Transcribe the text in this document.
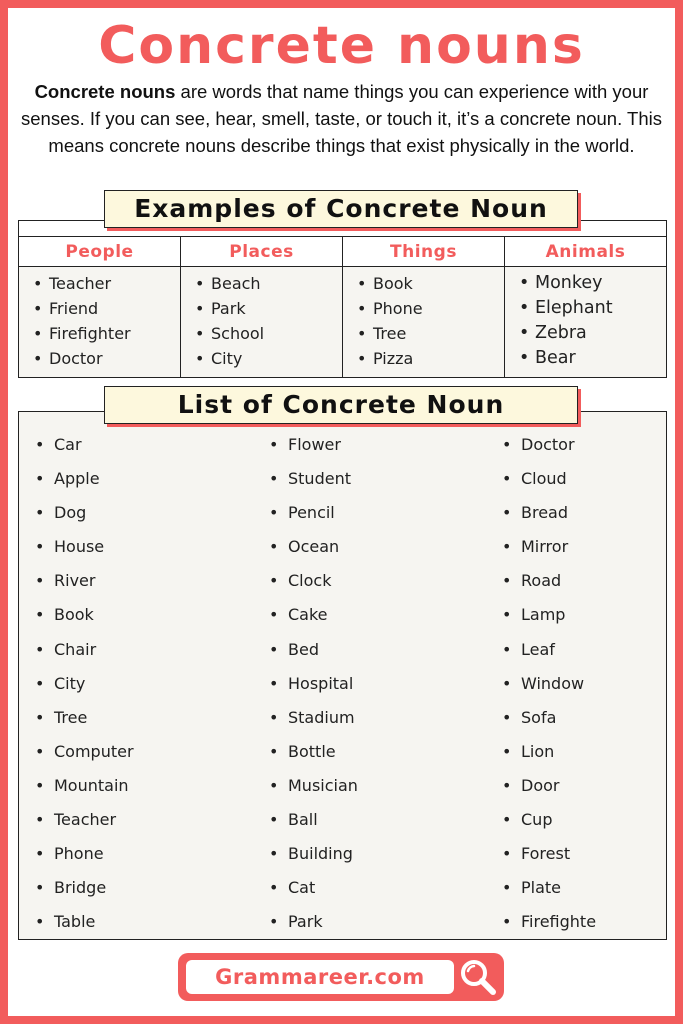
Concrete nouns

Concrete nouns are words that name things you can experience with your senses. If you can see, hear, smell, taste, or touch it, it’s a concrete noun. This means concrete nouns describe things that exist physically in the world.

People
• Teacher
• Friend
• Firefighter
• Doctor
Places
• Beach
• Park
• School
• City
Things
• Book
• Phone
• Tree
• Pizza
Animals
• Monkey
• Elephant
• Zebra
• Bear
Examples of Concrete Noun
• Car
• Apple
• Dog
• House
• River
• Book
• Chair
• City
• Tree
• Computer
• Mountain
• Teacher
• Phone
• Bridge
• Table
• Flower
• Student
• Pencil
• Ocean
• Clock
• Cake
• Bed
• Hospital
• Stadium
• Bottle
• Musician
• Ball
• Building
• Cat
• Park
• Doctor
• Cloud
• Bread
• Mirror
• Road
• Lamp
• Leaf
• Window
• Sofa
• Lion
• Door
• Cup
• Forest
• Plate
• Firefighte
List of Concrete Noun
Grammareer.com
